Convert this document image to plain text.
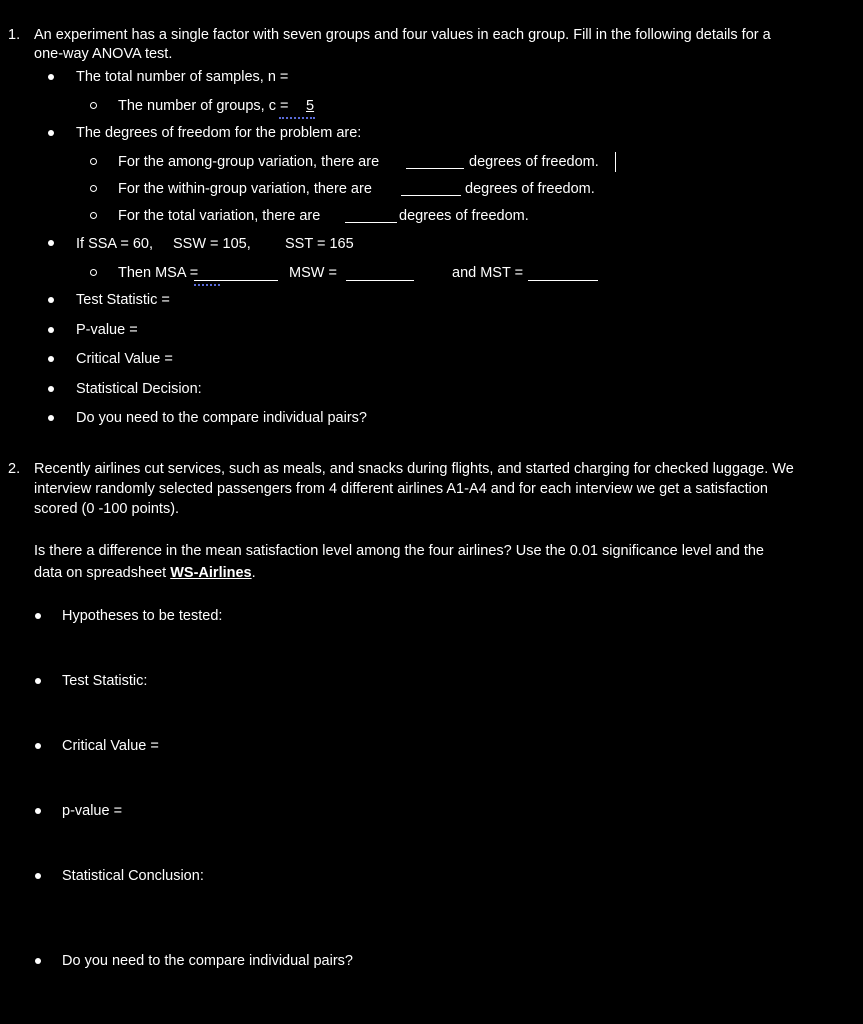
1. An experiment has a single factor with seven groups and four values in each group. Fill in the following details for a
one-way ANOVA test.
The total number of samples, n =
The number of groups, c = 5
The degrees of freedom for the problem are:
For the among-group variation, there are	degrees of freedom.
For the within-group variation, there are	degrees of freedom.
For the total variation, there are	degrees of freedom.
If SSA = 60, SSW = 105, SST = 165
Then MSA =	MSW =	and MST =
Test Statistic =
P-value =
Critical Value =
Statistical Decision:
Do you need to the compare individual pairs?
2. Recently airlines cut services, such as meals, and snacks during flights, and started charging for checked luggage. We
interview randomly selected passengers from 4 different airlines A1-A4 and for each interview we get a satisfaction
scored (0 -100 points).
Is there a difference in the mean satisfaction level among the four airlines? Use the 0.01 significance level and the
data on spreadsheet WS-Airlines.
Hypotheses to be tested:
Test Statistic:
Critical Value =
p-value =
Statistical Conclusion:
Do you need to the compare individual pairs?
